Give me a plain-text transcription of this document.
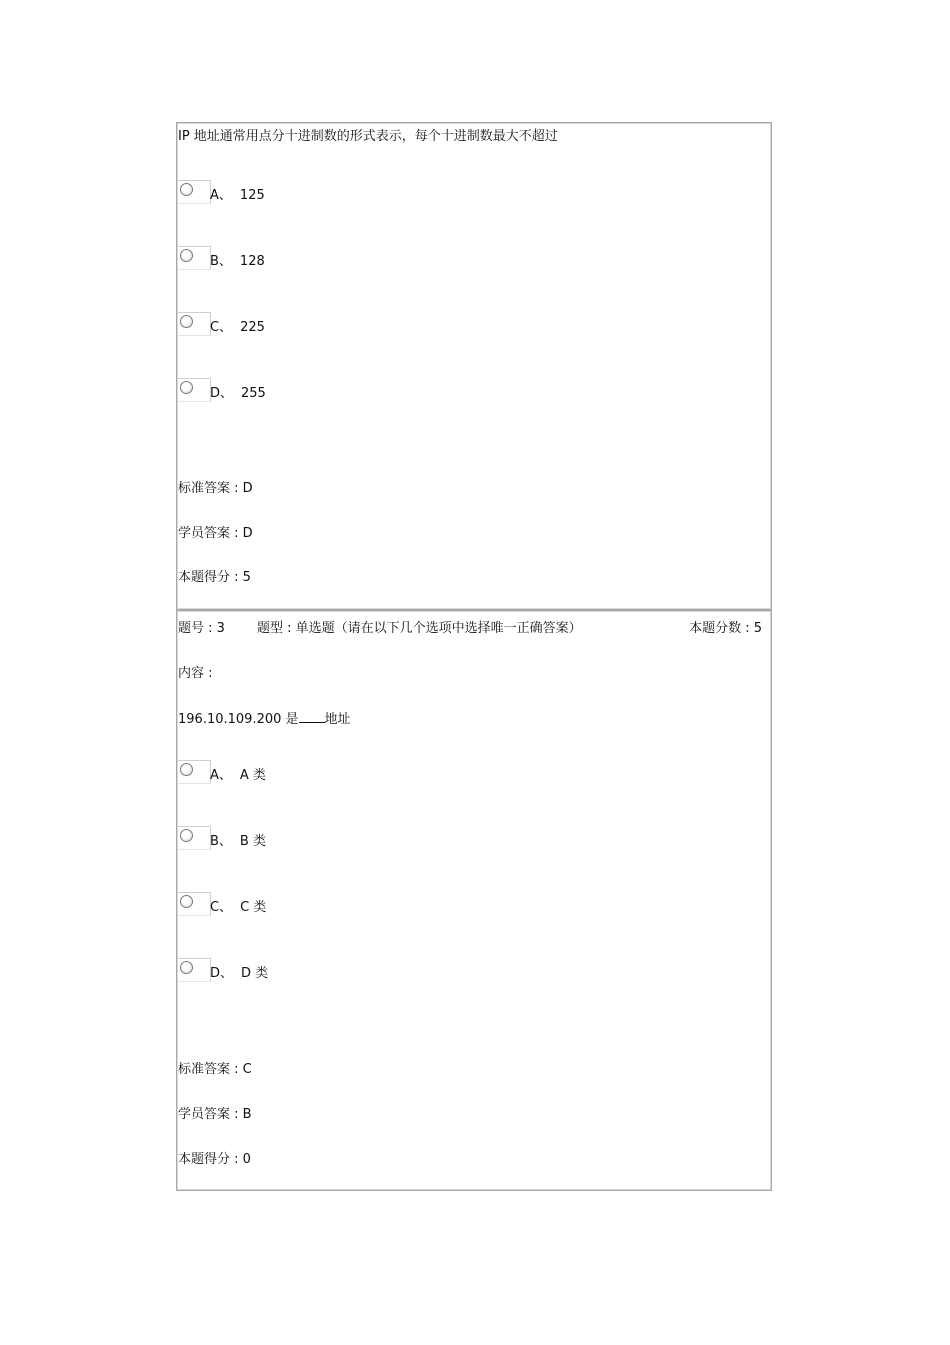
IP 地址通常用点分十进制数的形式表示，每个十进制数最大不超过
A、 125
B、 128
C、 225
D、 255
标准答案 : D
学员答案 : D
本题得分 : 5
题号 : 3 题型 : 单选题（请在以下几个选项中选择唯一正确答案）	本题分数 : 5
内容 :
196.10.109.200 是 地址
A、 A 类
B、 B 类
C、 C 类
D、 D 类
标准答案 : C
学员答案 : B
本题得分 : 0
